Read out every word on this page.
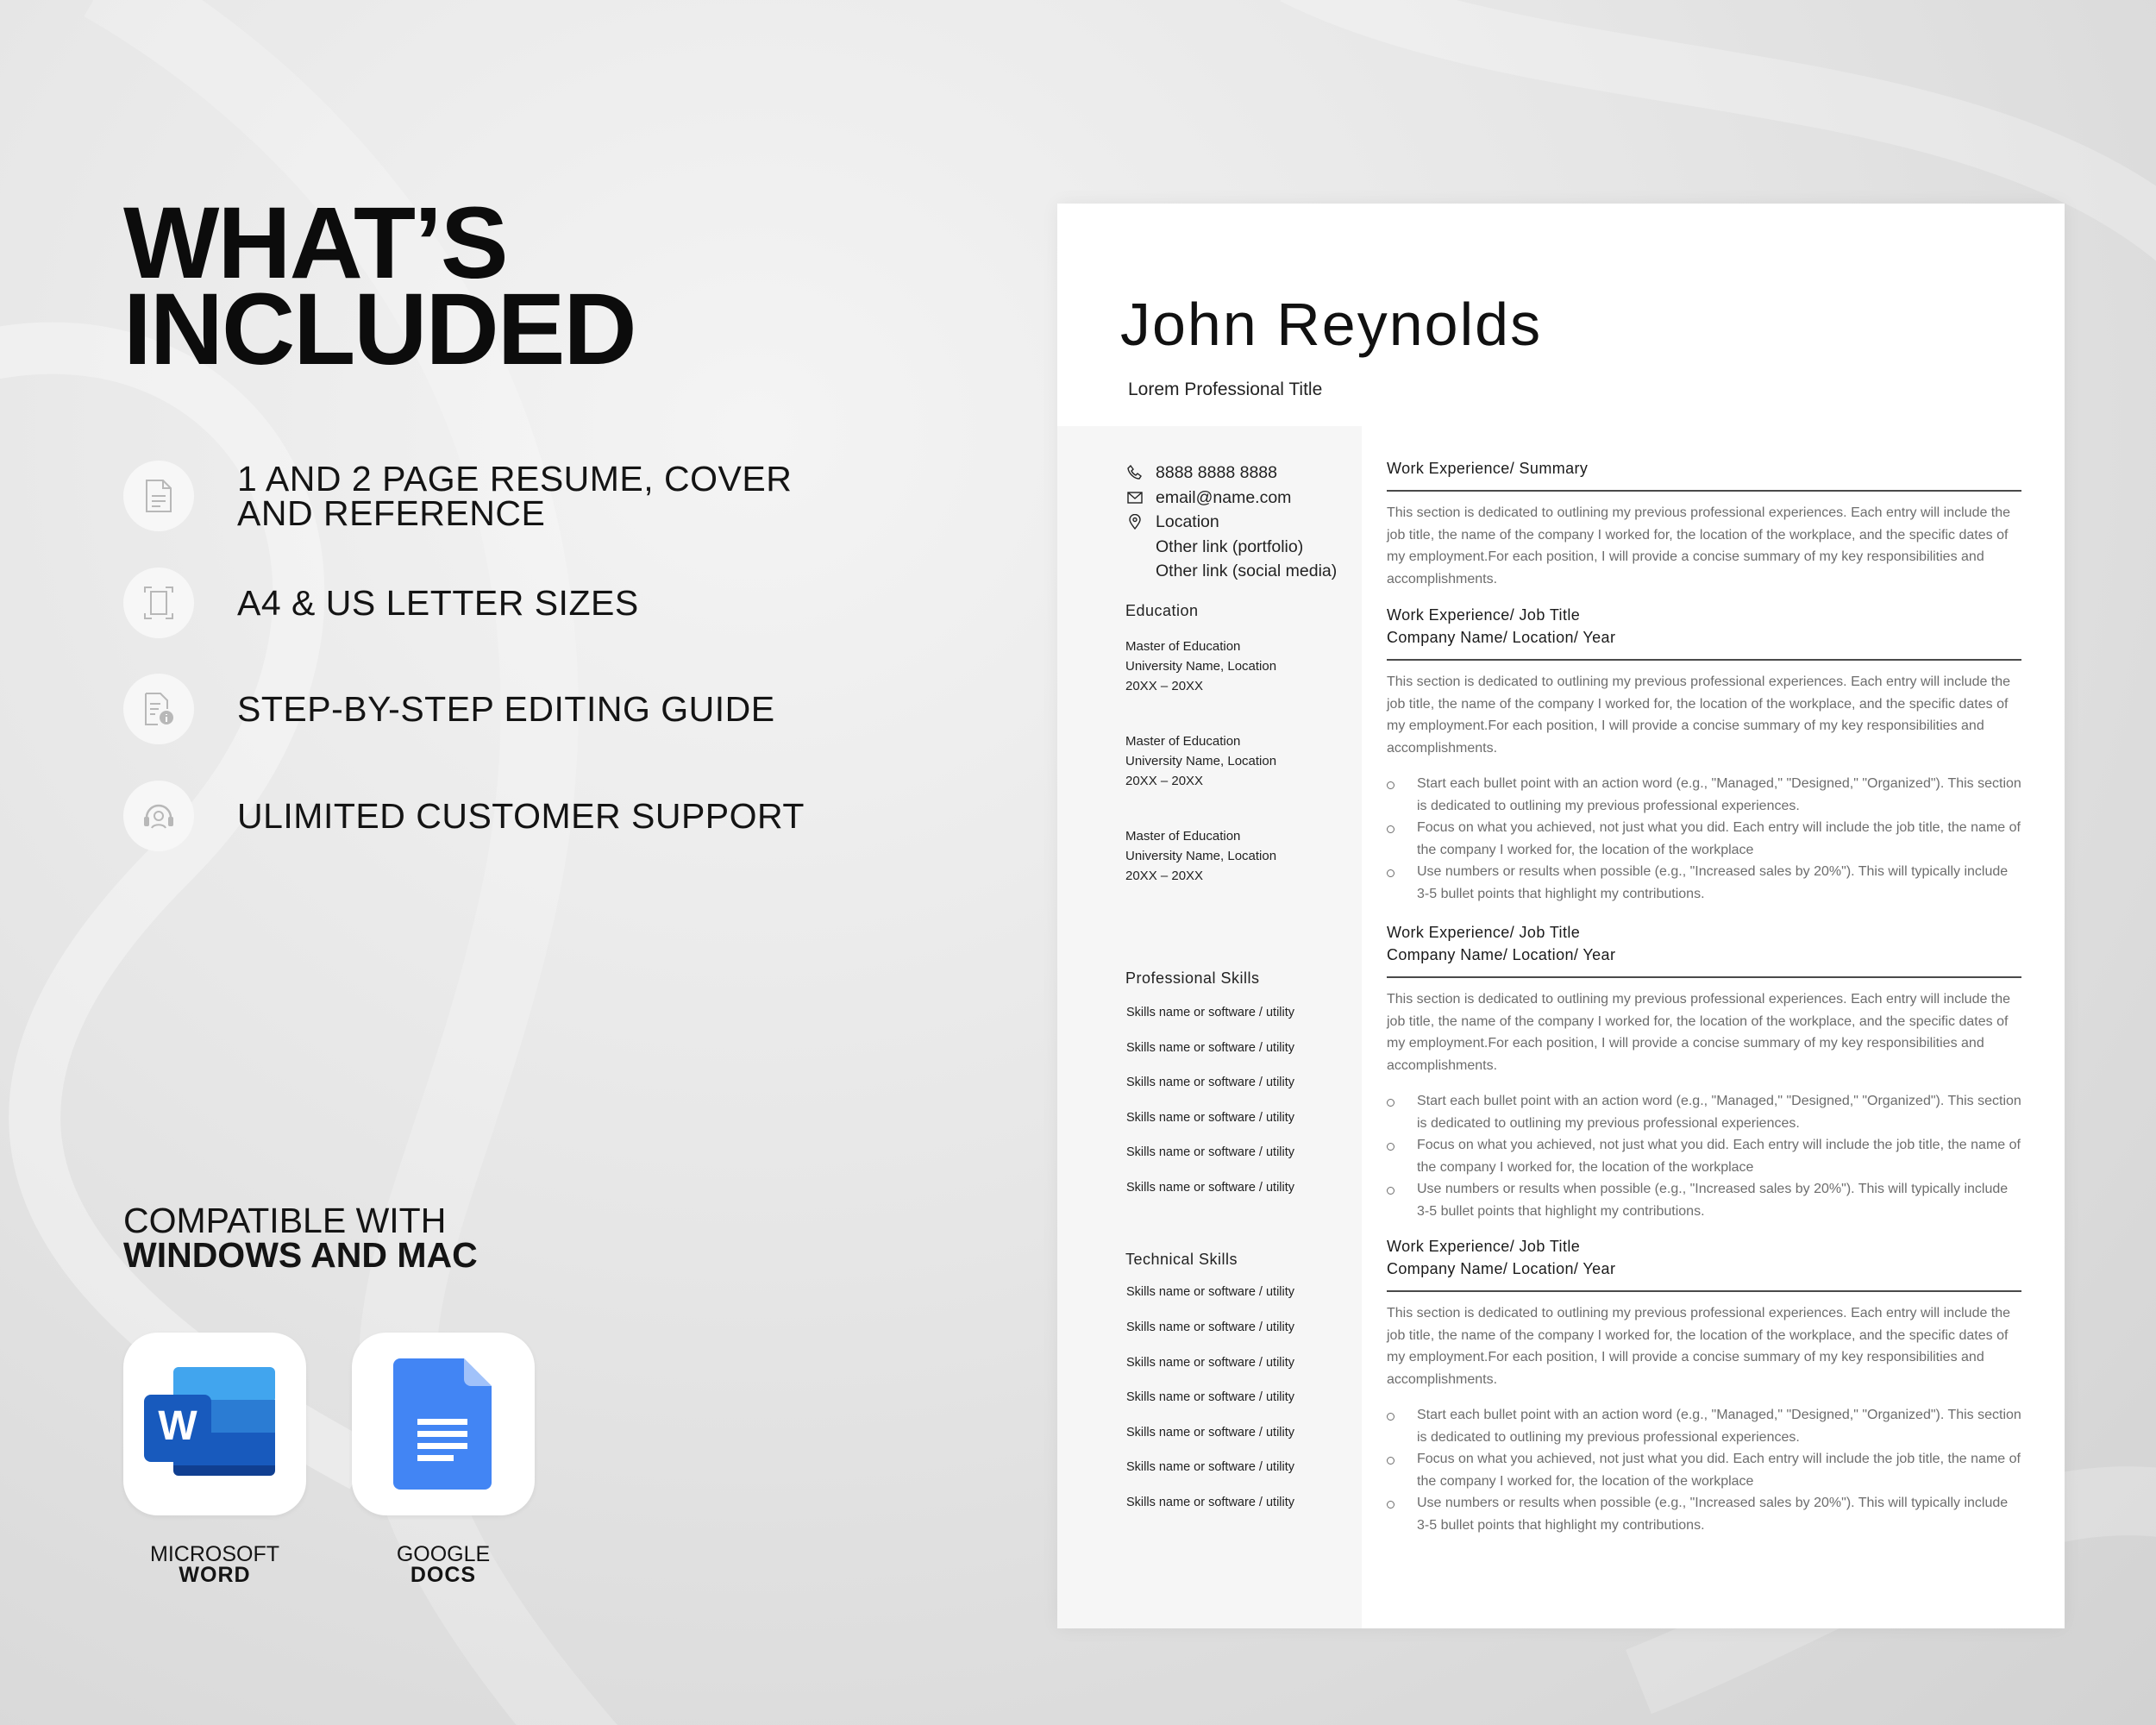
WHAT’S
INCLUDED
1 AND 2 PAGE RESUME, COVER AND REFERENCE
A4 & US LETTER SIZES
STEP-BY-STEP EDITING GUIDE
ULIMITED CUSTOMER SUPPORT
COMPATIBLE WITH
WINDOWS AND MAC
W
MICROSOFT
WORD
GOOGLE
DOCS
John Reynolds
Lorem Professional Title
8888 8888 8888
email@name.com
Location
Other link (portfolio)
Other link (social media)
Education
Master of Education
University Name, Location
20XX – 20XX
Master of Education
University Name, Location
20XX – 20XX
Master of Education
University Name, Location
20XX – 20XX
Professional Skills
Skills name or software / utility
Skills name or software / utility
Skills name or software / utility
Skills name or software / utility
Skills name or software / utility
Skills name or software / utility
Technical Skills
Skills name or software / utility
Skills name or software / utility
Skills name or software / utility
Skills name or software / utility
Skills name or software / utility
Skills name or software / utility
Skills name or software / utility
Work Experience/ Summary
This section is dedicated to outlining my previous professional experiences. Each entry will include the job title, the name of the company I worked for, the location of the workplace, and the specific dates of my employment.For each position, I will provide a concise summary of my key responsibilities and accomplishments.
Work Experience/ Job Title
Company Name/ Location/ Year
This section is dedicated to outlining my previous professional experiences. Each entry will include the job title, the name of the company I worked for, the location of the workplace, and the specific dates of my employment.For each position, I will provide a concise summary of my key responsibilities and accomplishments.
Start each bullet point with an action word (e.g., "Managed," "Designed," "Organized"). This section is dedicated to outlining my previous professional experiences.
Focus on what you achieved, not just what you did. Each entry will include the job title, the name of the company I worked for, the location of the workplace
Use numbers or results when possible (e.g., "Increased sales by 20%"). This will typically include 3-5 bullet points that highlight my contributions.
Work Experience/ Job Title
Company Name/ Location/ Year
This section is dedicated to outlining my previous professional experiences. Each entry will include the job title, the name of the company I worked for, the location of the workplace, and the specific dates of my employment.For each position, I will provide a concise summary of my key responsibilities and accomplishments.
Start each bullet point with an action word (e.g., "Managed," "Designed," "Organized"). This section is dedicated to outlining my previous professional experiences.
Focus on what you achieved, not just what you did. Each entry will include the job title, the name of the company I worked for, the location of the workplace
Use numbers or results when possible (e.g., "Increased sales by 20%"). This will typically include 3-5 bullet points that highlight my contributions.
Work Experience/ Job Title
Company Name/ Location/ Year
This section is dedicated to outlining my previous professional experiences. Each entry will include the job title, the name of the company I worked for, the location of the workplace, and the specific dates of my employment.For each position, I will provide a concise summary of my key responsibilities and accomplishments.
Start each bullet point with an action word (e.g., "Managed," "Designed," "Organized"). This section is dedicated to outlining my previous professional experiences.
Focus on what you achieved, not just what you did. Each entry will include the job title, the name of the company I worked for, the location of the workplace
Use numbers or results when possible (e.g., "Increased sales by 20%"). This will typically include 3-5 bullet points that highlight my contributions.
